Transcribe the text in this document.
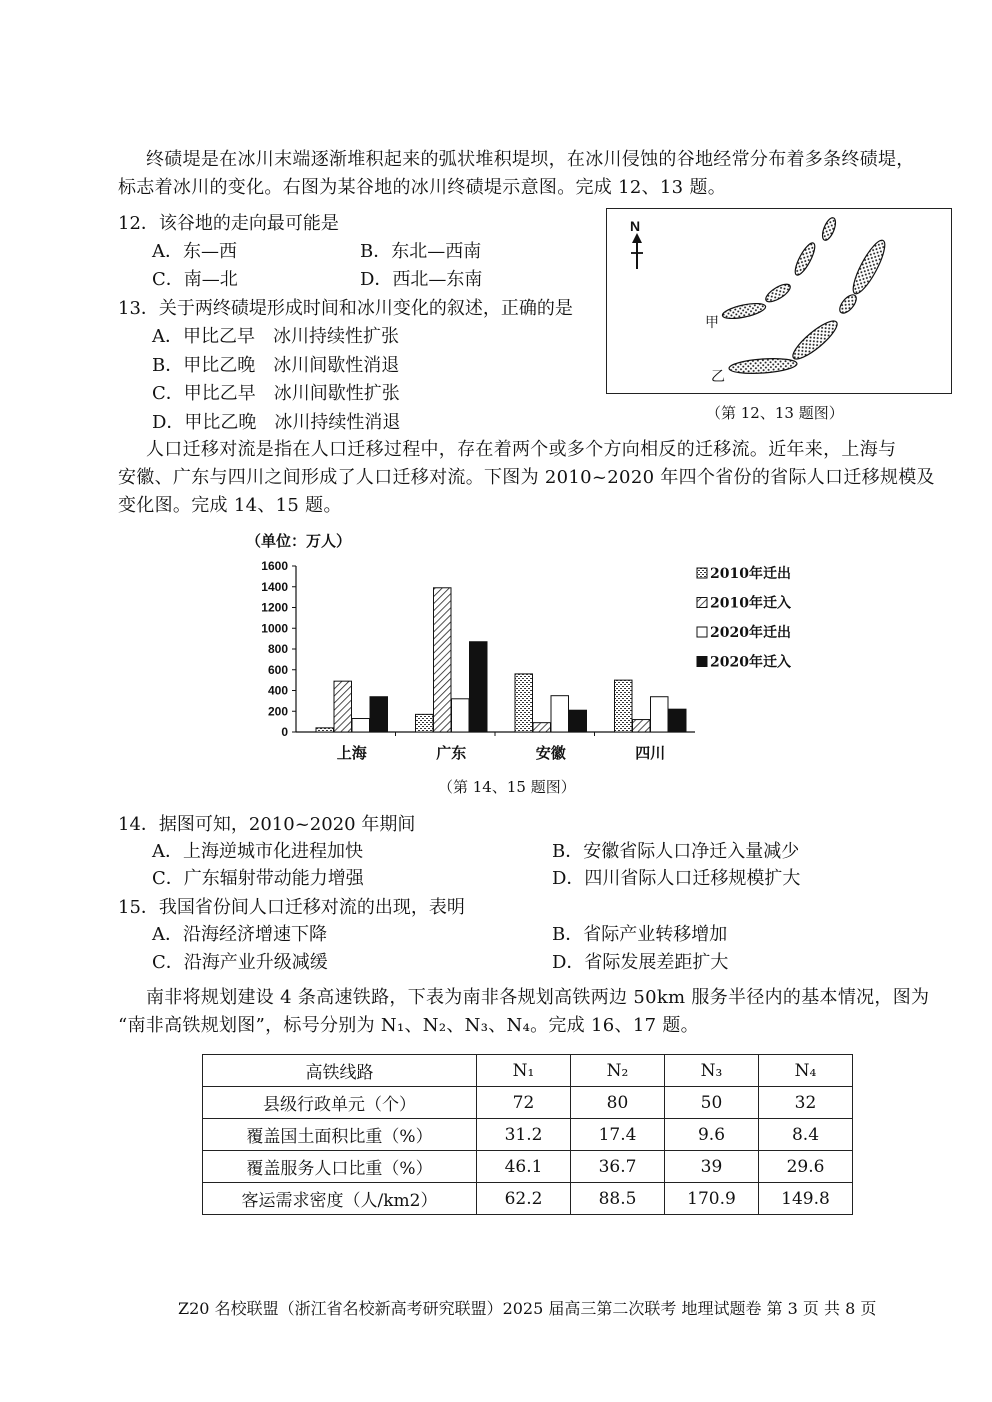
终碛堤是在冰川末端逐渐堆积起来的弧状堆积堤坝，在冰川侵蚀的谷地经常分布着多条终碛堤，
标志着冰川的变化。右图为某谷地的冰川终碛堤示意图。完成 12、13 题。
12．该谷地的走向最可能是
A．东—西	B．东北—西南
C．南—北	D．西北—东南
13．关于两终碛堤形成时间和冰川变化的叙述，正确的是
A．甲比乙早　冰川持续性扩张
B．甲比乙晚　冰川间歇性消退
C．甲比乙早　冰川间歇性扩张
D．甲比乙晚　冰川持续性消退
N
甲
乙
（第 12、13 题图）
人口迁移对流是指在人口迁移过程中，存在着两个或多个方向相反的迁移流。近年来，上海与
安徽、广东与四川之间形成了人口迁移对流。下图为 2010~2020 年四个省份的省际人口迁移规模及
变化图。完成 14、15 题。
（单位：万人）
0
200
400
600
800
1000
1200
1400
1600
上海	广东	安徽	四川
2010年迁出
2010年迁入
2020年迁出
2020年迁入
（第 14、15 题图）
14．据图可知，2010~2020 年期间
A．上海逆城市化进程加快	B．安徽省际人口净迁入量减少
C．广东辐射带动能力增强	D．四川省际人口迁移规模扩大
15．我国省份间人口迁移对流的出现，表明
A．沿海经济增速下降	B．省际产业转移增加
C．沿海产业升级减缓	D．省际发展差距扩大
南非将规划建设 4 条高速铁路，下表为南非各规划高铁两边 50km 服务半径内的基本情况，图为
“南非高铁规划图”，标号分别为 N₁、N₂、N₃、N₄。完成 16、17 题。
高铁线路	N₁	N₂	N₃	N₄
县级行政单元（个）	72	80	50	32
覆盖国土面积比重（%）	31.2	17.4	9.6	8.4
覆盖服务人口比重（%）	46.1	36.7	39	29.6
客运需求密度（人/km2）	62.2	88.5	170.9	149.8
Z20 名校联盟（浙江省名校新高考研究联盟）2025 届高三第二次联考 地理试题卷 第 3 页 共 8 页
